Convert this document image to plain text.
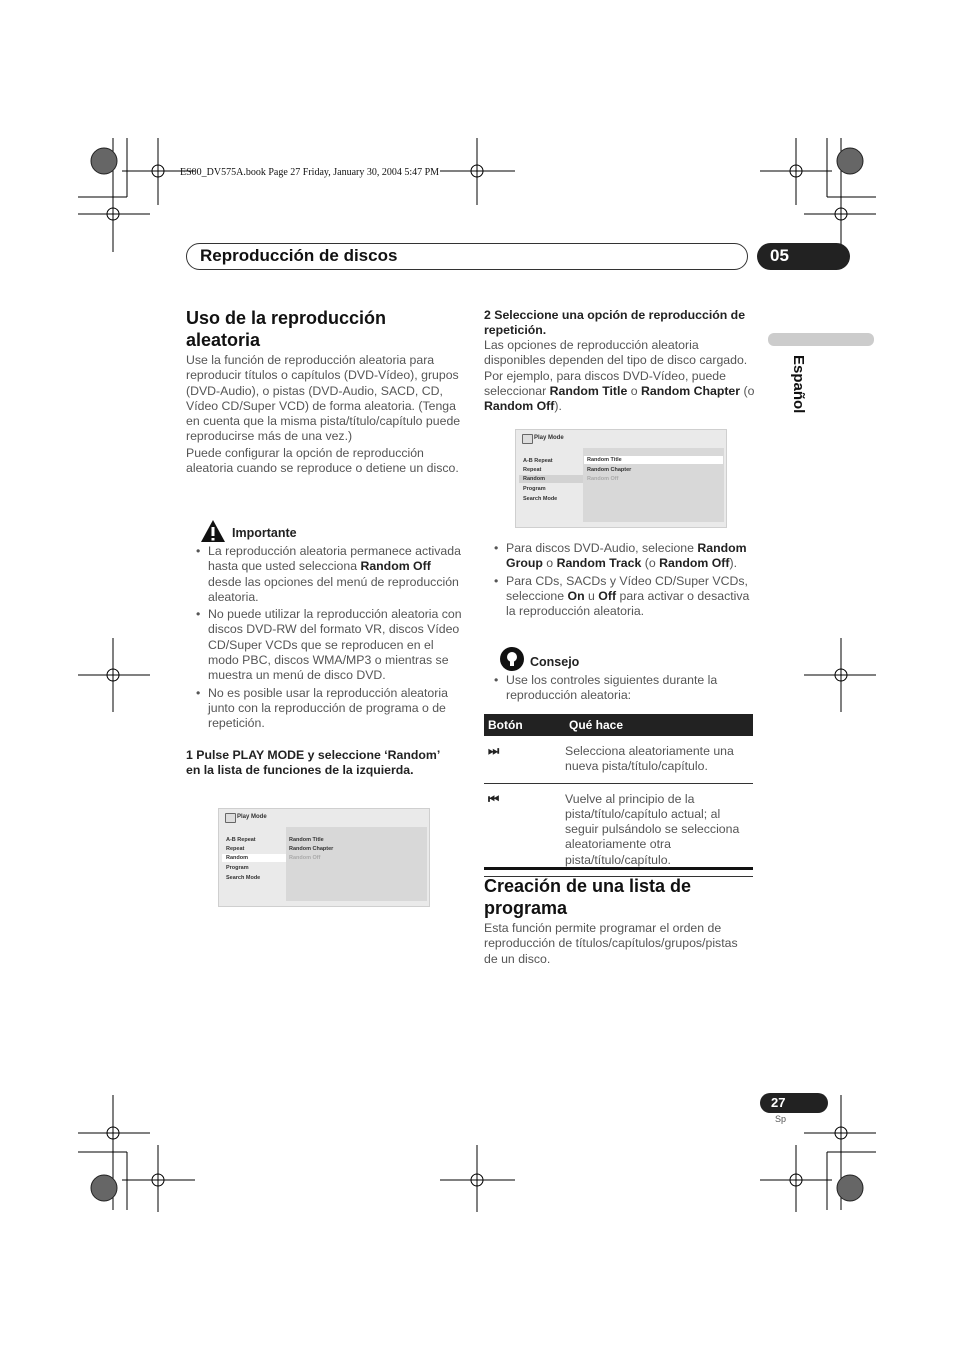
ES00_DV575A.book Page 27 Friday, January 30, 2004 5:47 PM
Reproducción de discos	05
Español
Uso de la reproducción aleatoria

Use la función de reproducción aleatoria para reproducir títulos o capítulos (DVD-Vídeo), grupos (DVD-Audio), o pistas (DVD-Audio, SACD, CD, Vídeo CD/Super VCD) de forma aleatoria. (Tenga en cuenta que la misma pista/título/capítulo puede reproducirse más de una vez.)

Puede configurar la opción de reproducción aleatoria cuando se reproduce o detiene un disco.

Importante
• La reproducción aleatoria permanece activada hasta que usted selecciona Random Off desde las opciones del menú de reproducción aleatoria.
• No puede utilizar la reproducción aleatoria con discos DVD-RW del formato VR, discos Vídeo CD/Super VCDs que se reproducen en el modo PBC, discos WMA/MP3 o mientras se muestra un menú de disco DVD.
• No es posible usar la reproducción aleatoria junto con la reproducción de programa o de repetición.
1 Pulse PLAY MODE y seleccione ‘Random’ en la lista de funciones de la izquierda.
Play Mode
A-B Repeat
Repeat
Random
Program
Search Mode
Random Title
Random Chapter
Random Off
2 Seleccione una opción de reproducción de repetición.

Las opciones de reproducción aleatoria disponibles dependen del tipo de disco cargado. Por ejemplo, para discos DVD-Vídeo, puede seleccionar Random Title o Random Chapter (o Random Off).

Play Mode
A-B Repeat
Repeat
Random
Program
Search Mode
Random Title
Random Chapter
Random Off
• Para discos DVD-Audio, selecione Random Group o Random Track (o Random Off).
• Para CDs, SACDs y Vídeo CD/Super VCDs, seleccione On u Off para activar o desactiva la reproducción aleatoria.
Consejo
• Use los controles siguientes durante la reproducción aleatoria:
Botón	Qué hace
⏭	Selecciona aleatoriamente una nueva pista/título/capítulo.
⏮	Vuelve al principio de la pista/título/capítulo actual; al seguir pulsándolo se selecciona aleatoriamente otra pista/título/capítulo.
Creación de una lista de programa

Esta función permite programar el orden de reproducción de títulos/capítulos/grupos/pistas de un disco.

27
Sp
